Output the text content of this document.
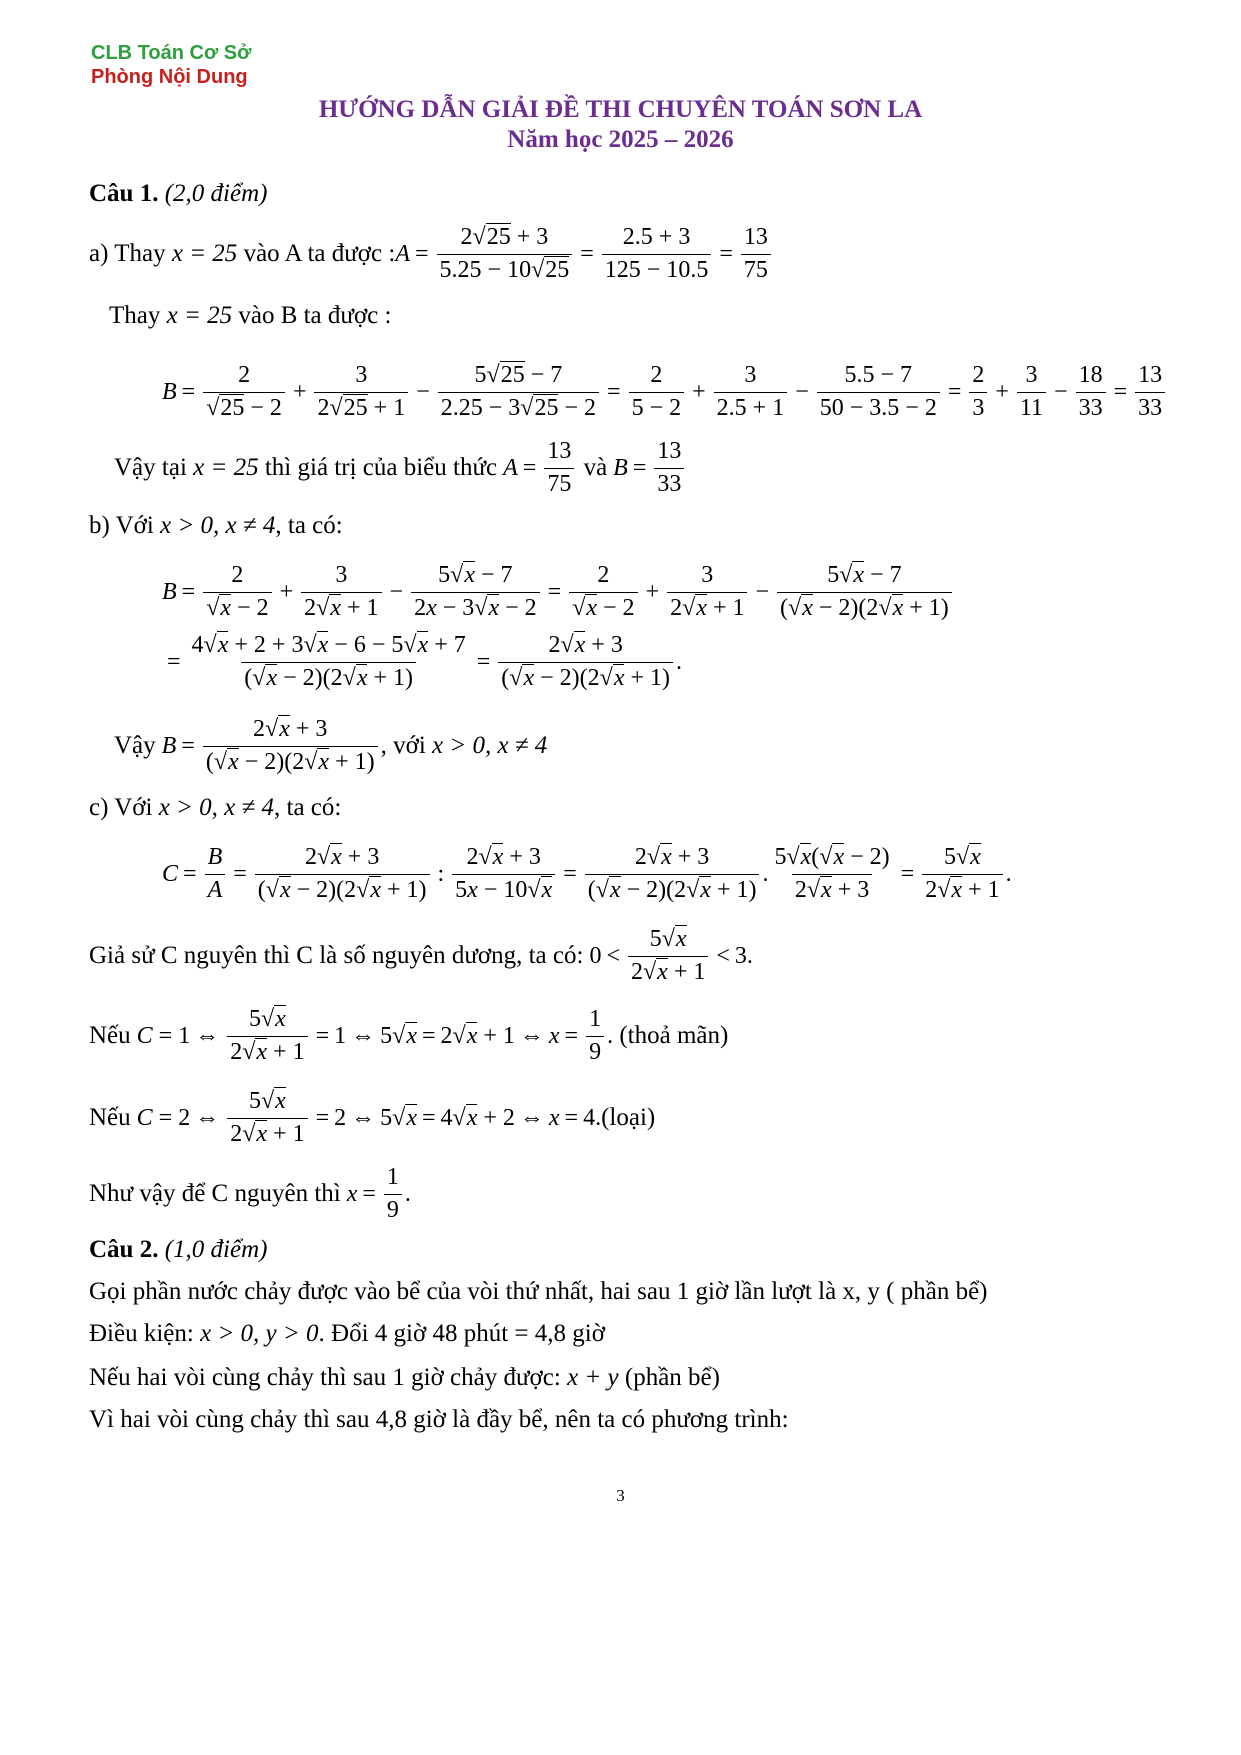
CLB Toán Cơ Sở
Phòng Nội Dung
HƯỚNG DẪN GIẢI ĐỀ THI CHUYÊN TOÁN SƠN LA
Năm học 2025 – 2026
Câu 1. (2,0 điểm)
a) Thay
x = 25
vào A ta được : $A = \frac{2 √ 25 + 3}{5.25 - 10 √ 25} = \frac{2.5 + 3}{125 - 10.5} = \frac{13}{75}$
Thay x = 25 vào B ta được :
B = 2
√ $25 - 2 + \frac{3}{2 √ 25 + 1} - \frac{5 √ 25 - 7}{2.25 - 3 √ 25 - 2} = \frac{2}{5 - 2} + \frac{3}{2.5 + 1} - \frac{5.5 - 7}{50 - 3.5 - 2} = \frac{2}{3} + \frac{3}{11} - \frac{18}{33} = \frac{13}{33}$
Vậy tại
x = 25
thì giá trị của biểu thức $A = \frac{13}{75}$
và $B = \frac{13}{33}$
b) Với x > 0, x ≠ 4, ta có:
B = 2
√ $x - 2 + \frac{3}{2 √ x + 1} - \frac{5 √ x - 7}{2x - 3 √ x - 2} = 2$
√ $x - 2 + \frac{3}{2 √ x + 1} - \frac{5 √ x - 7}{( √ x - 2)(2 √ x + 1)}$
= $\frac{4 √ x + 2 + 3 √ x - 6 - 5 √ x + 7}{( √ x - 2)(2 √ x + 1)} = \frac{2 √ x + 3}{( √ x - 2)(2 √ x + 1)}$ .
Vậy $B = \frac{2 √ x + 3}{( √ x - 2)(2 √ x + 1)}$ , với
x > 0, x ≠ 4
c) Với x > 0, x ≠ 4, ta có:
$C = \frac{B}{A} = \frac{2 √ x + 3}{( √ x - 2)(2 √ x + 1)}$ : $\frac{2 √ x + 3}{5x - 10 √ x} = \frac{2 √ x + 3}{( √ x - 2)(2 √ x + 1)}$ . $\frac{5 √ x( √ x - 2)}{2 √ x + 3} = \frac{5 √ x}{2 √ x + 1}$ .
Giả sử C nguyên thì C là số nguyên dương, ta có: $0 < \frac{5 √ x}{2 √ x + 1} < 3$.
Nếu
C = 1 ⇔ $\frac{5 √ x}{2 √ x + 1} = 1$ ⇔ 5 √ x = 2 √ x + 1 ⇔ $x = \frac{1}{9}$ .
(thoả mãn)
Nếu
C = 2 ⇔ $\frac{5 √ x}{2 √ x + 1} = 2$ ⇔ 5 √ x = 4 √ x + 2 ⇔ x = 4. (loại)
Như vậy để C nguyên thì
$x = \frac{1}{9}$ .
Câu 2. (1,0 điểm)
Gọi phần nước chảy được vào bể của vòi thứ nhất, hai sau 1 giờ lần lượt là x, y ( phần bể)
Điều kiện: x > 0, y > 0. Đổi 4 giờ 48 phút = 4,8 giờ
Nếu hai vòi cùng chảy thì sau 1 giờ chảy được: x + y (phần bể)
Vì hai vòi cùng chảy thì sau 4,8 giờ là đầy bể, nên ta có phương trình:
3
